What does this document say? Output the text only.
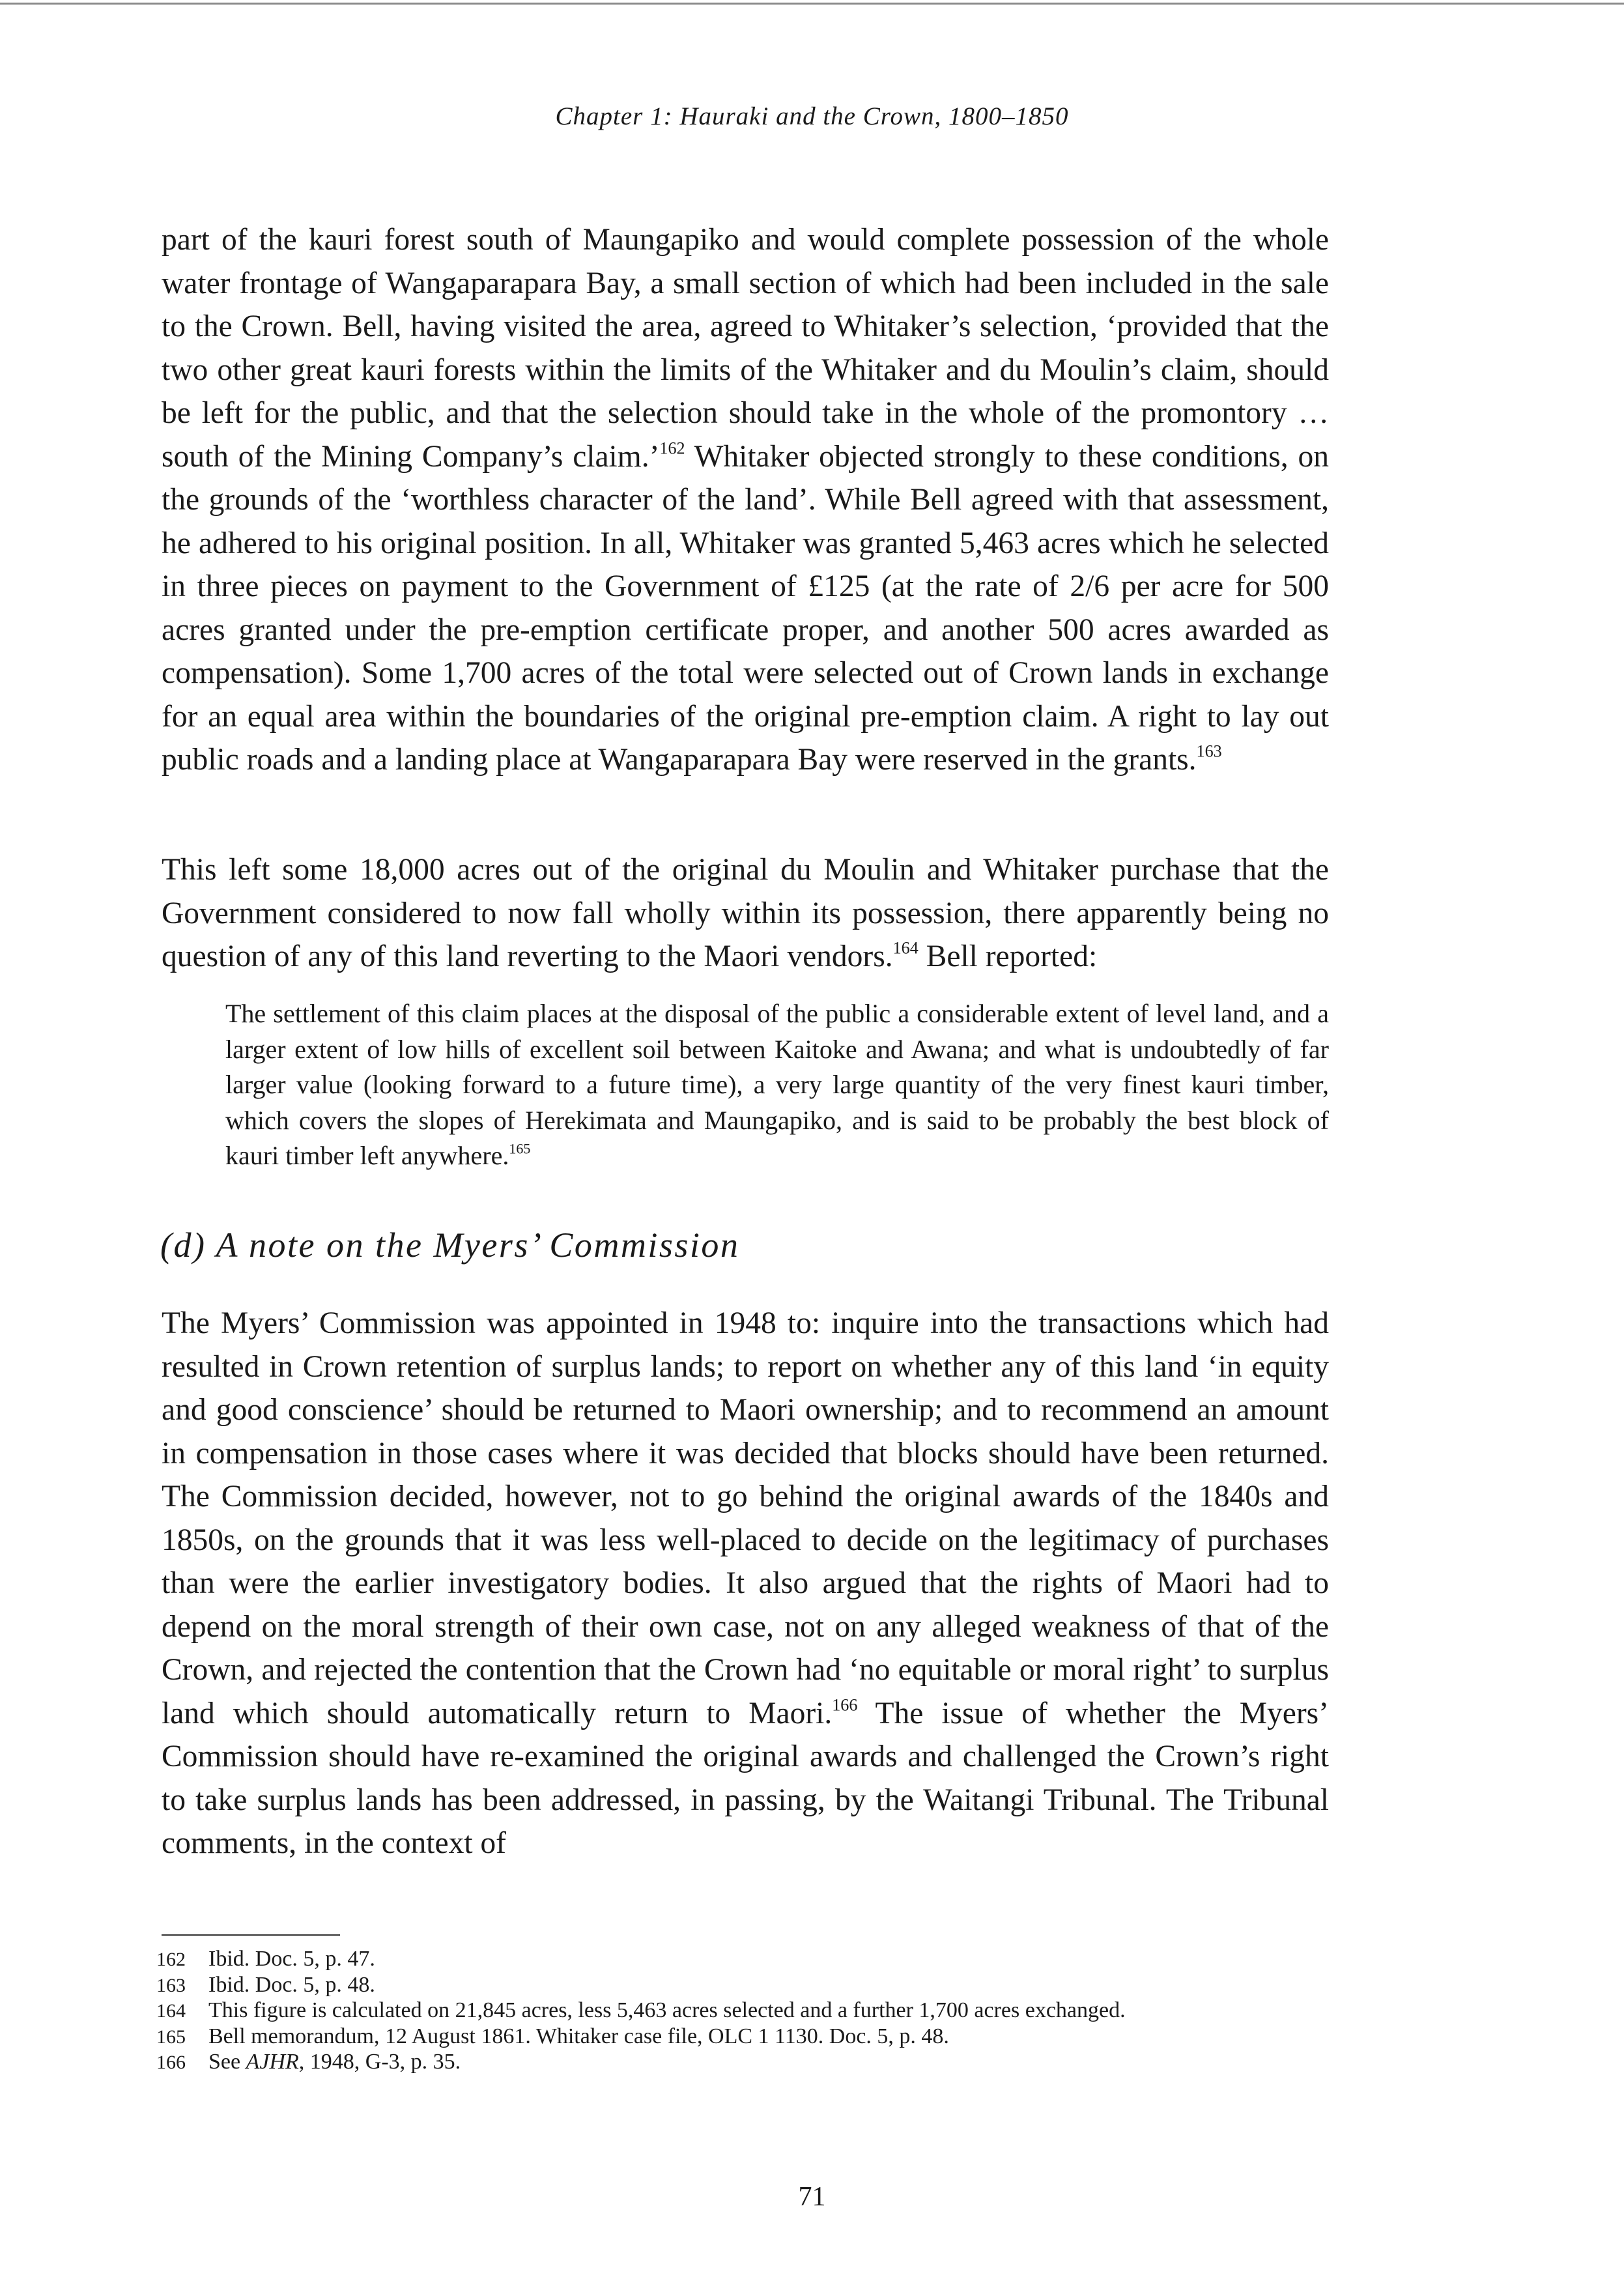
Chapter 1: Hauraki and the Crown, 1800–1850

part of the kauri forest south of Maungapiko and would complete possession of the whole water frontage of Wangaparapara Bay, a small section of which had been included in the sale to the Crown. Bell, having visited the area, agreed to Whitaker’s selection, ‘provided that the two other great kauri forests within the limits of the Whitaker and du Moulin’s claim, should be left for the public, and that the selection should take in the whole of the promontory … south of the Mining Company’s claim.’$^{162}$ Whitaker objected strongly to these conditions, on the grounds of the ‘worthless character of the land’. While Bell agreed with that assessment, he adhered to his original position. In all, Whitaker was granted 5,463 acres which he selected in three pieces on payment to the Government of £125 (at the rate of 2/6 per acre for 500 acres granted under the pre-emption certificate proper, and another 500 acres awarded as compensation). Some 1,700 acres of the total were selected out of Crown lands in exchange for an equal area within the boundaries of the original pre-emption claim. A right to lay out public roads and a landing place at Wangaparapara Bay were reserved in the grants.$^{163}$

This left some 18,000 acres out of the original du Moulin and Whitaker purchase that the Government considered to now fall wholly within its possession, there apparently being no question of any of this land reverting to the Maori vendors.$^{164}$ Bell reported:

The settlement of this claim places at the disposal of the public a considerable extent of level land, and a larger extent of low hills of excellent soil between Kaitoke and Awana; and what is undoubtedly of far larger value (looking forward to a future time), a very large quantity of the very finest kauri timber, which covers the slopes of Herekimata and Maungapiko, and is said to be probably the best block of kauri timber left anywhere.$^{165}$
(d) A note on the Myers’ Commission

The Myers’ Commission was appointed in 1948 to: inquire into the transactions which had resulted in Crown retention of surplus lands; to report on whether any of this land ‘in equity and good conscience’ should be returned to Maori ownership; and to recommend an amount in compensation in those cases where it was decided that blocks should have been returned. The Commission decided, however, not to go behind the original awards of the 1840s and 1850s, on the grounds that it was less well-placed to decide on the legitimacy of purchases than were the earlier investigatory bodies. It also argued that the rights of Maori had to depend on the moral strength of their own case, not on any alleged weakness of that of the Crown, and rejected the contention that the Crown had ‘no equitable or moral right’ to surplus land which should automatically return to Maori.$^{166}$ The issue of whether the Myers’ Commission should have re-examined the original awards and challenged the Crown’s right to take surplus lands has been addressed, in passing, by the Waitangi Tribunal. The Tribunal comments, in the context of

162 Ibid. Doc. 5, p. 47.
163 Ibid. Doc. 5, p. 48.
164 This figure is calculated on 21,845 acres, less 5,463 acres selected and a further 1,700 acres exchanged.
165 Bell memorandum, 12 August 1861. Whitaker case file, OLC 1 1130. Doc. 5, p. 48.
166 See AJHR, 1948, G-3, p. 35.
71
